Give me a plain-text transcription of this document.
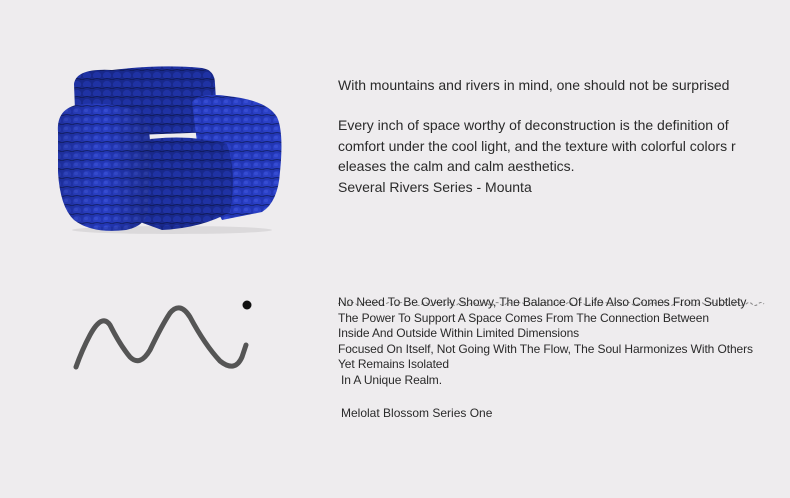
With mountains and rivers in mind, one should not be surprised

Every inch of space worthy of deconstruction is the definition of

comfort under the cool light, and the texture with colorful colors r

eleases the calm and calm aesthetics.

Several Rivers Series - Mounta

No Need To Be Overly Showy, The Balance Of Life Also Comes From Subtlety

The Power To Support A Space Comes From The Connection Between

Inside And Outside Within Limited Dimensions

Focused On Itself, Not Going With The Flow, The Soul Harmonizes With Others

Yet Remains Isolated

In A Unique Realm.

Melolat Blossom Series One
